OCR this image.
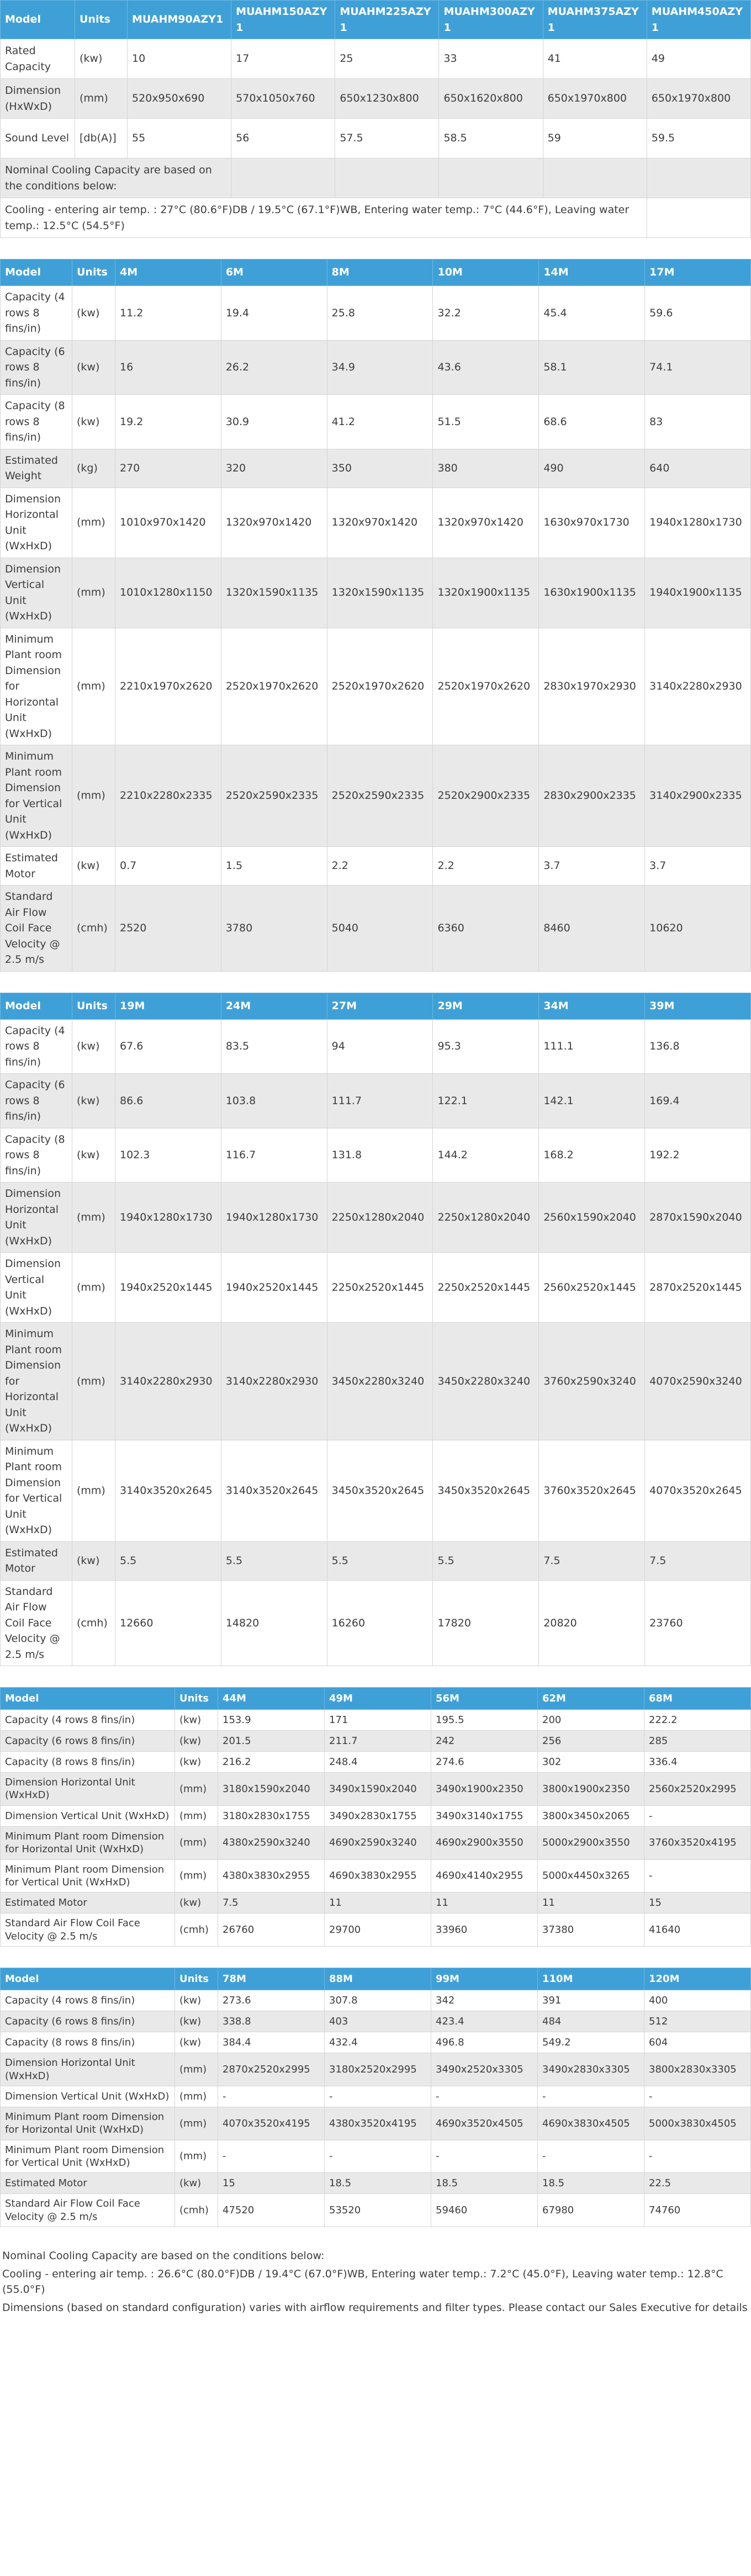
Model	Units	MUAHM90AZY1	MUAHM150AZY1	MUAHM225AZY1	MUAHM300AZY1	MUAHM375AZY1	MUAHM450AZY1
Rated Capacity	(kw)	10	17	25	33	41	49
Dimension (HxWxD)	(mm)	520x950x690	570x1050x760	650x1230x800	650x1620x800	650x1970x800	650x1970x800
Sound Level	[db(A)]	55	56	57.5	58.5	59	59.5
Nominal Cooling Capacity are based on the conditions below:							
Cooling - entering air temp. : 27°C (80.6°F)DB / 19.5°C (67.1°F)WB, Entering water temp.: 7°C (44.6°F), Leaving water temp.: 12.5°C (54.5°F)							
Model	Units	4M	6M	8M	10M	14M	17M
Capacity (4 rows 8 fins/in)	(kw)	11.2	19.4	25.8	32.2	45.4	59.6
Capacity (6 rows 8 fins/in)	(kw)	16	26.2	34.9	43.6	58.1	74.1
Capacity (8 rows 8 fins/in)	(kw)	19.2	30.9	41.2	51.5	68.6	83
Estimated Weight	(kg)	270	320	350	380	490	640
Dimension Horizontal Unit (WxHxD)	(mm)	1010x970x1420	1320x970x1420	1320x970x1420	1320x970x1420	1630x970x1730	1940x1280x1730
Dimension Vertical Unit (WxHxD)	(mm)	1010x1280x1150	1320x1590x1135	1320x1590x1135	1320x1900x1135	1630x1900x1135	1940x1900x1135
Minimum Plant room Dimension for Horizontal Unit (WxHxD)	(mm)	2210x1970x2620	2520x1970x2620	2520x1970x2620	2520x1970x2620	2830x1970x2930	3140x2280x2930
Minimum Plant room Dimension for Vertical Unit (WxHxD)	(mm)	2210x2280x2335	2520x2590x2335	2520x2590x2335	2520x2900x2335	2830x2900x2335	3140x2900x2335
Estimated Motor	(kw)	0.7	1.5	2.2	2.2	3.7	3.7
Standard Air Flow Coil Face Velocity @ 2.5 m/s	(cmh)	2520	3780	5040	6360	8460	10620
Model	Units	19M	24M	27M	29M	34M	39M
Capacity (4 rows 8 fins/in)	(kw)	67.6	83.5	94	95.3	111.1	136.8
Capacity (6 rows 8 fins/in)	(kw)	86.6	103.8	111.7	122.1	142.1	169.4
Capacity (8 rows 8 fins/in)	(kw)	102.3	116.7	131.8	144.2	168.2	192.2
Dimension Horizontal Unit (WxHxD)	(mm)	1940x1280x1730	1940x1280x1730	2250x1280x2040	2250x1280x2040	2560x1590x2040	2870x1590x2040
Dimension Vertical Unit (WxHxD)	(mm)	1940x2520x1445	1940x2520x1445	2250x2520x1445	2250x2520x1445	2560x2520x1445	2870x2520x1445
Minimum Plant room Dimension for Horizontal Unit (WxHxD)	(mm)	3140x2280x2930	3140x2280x2930	3450x2280x3240	3450x2280x3240	3760x2590x3240	4070x2590x3240
Minimum Plant room Dimension for Vertical Unit (WxHxD)	(mm)	3140x3520x2645	3140x3520x2645	3450x3520x2645	3450x3520x2645	3760x3520x2645	4070x3520x2645
Estimated Motor	(kw)	5.5	5.5	5.5	5.5	7.5	7.5
Standard Air Flow Coil Face Velocity @ 2.5 m/s	(cmh)	12660	14820	16260	17820	20820	23760
Model	Units	44M	49M	56M	62M	68M
Capacity (4 rows 8 fins/in)	(kw)	153.9	171	195.5	200	222.2
Capacity (6 rows 8 fins/in)	(kw)	201.5	211.7	242	256	285
Capacity (8 rows 8 fins/in)	(kw)	216.2	248.4	274.6	302	336.4
Dimension Horizontal Unit (WxHxD)	(mm)	3180x1590x2040	3490x1590x2040	3490x1900x2350	3800x1900x2350	2560x2520x2995
Dimension Vertical Unit (WxHxD)	(mm)	3180x2830x1755	3490x2830x1755	3490x3140x1755	3800x3450x2065	-
Minimum Plant room Dimension for Horizontal Unit (WxHxD)	(mm)	4380x2590x3240	4690x2590x3240	4690x2900x3550	5000x2900x3550	3760x3520x4195
Minimum Plant room Dimension for Vertical Unit (WxHxD)	(mm)	4380x3830x2955	4690x3830x2955	4690x4140x2955	5000x4450x3265	-
Estimated Motor	(kw)	7.5	11	11	11	15
Standard Air Flow Coil Face Velocity @ 2.5 m/s	(cmh)	26760	29700	33960	37380	41640
Model	Units	78M	88M	99M	110M	120M
Capacity (4 rows 8 fins/in)	(kw)	273.6	307.8	342	391	400
Capacity (6 rows 8 fins/in)	(kw)	338.8	403	423.4	484	512
Capacity (8 rows 8 fins/in)	(kw)	384.4	432.4	496.8	549.2	604
Dimension Horizontal Unit (WxHxD)	(mm)	2870x2520x2995	3180x2520x2995	3490x2520x3305	3490x2830x3305	3800x2830x3305
Dimension Vertical Unit (WxHxD)	(mm)	-	-	-	-	-
Minimum Plant room Dimension for Horizontal Unit (WxHxD)	(mm)	4070x3520x4195	4380x3520x4195	4690x3520x4505	4690x3830x4505	5000x3830x4505
Minimum Plant room Dimension for Vertical Unit (WxHxD)	(mm)	-	-	-	-	-
Estimated Motor	(kw)	15	18.5	18.5	18.5	22.5
Standard Air Flow Coil Face Velocity @ 2.5 m/s	(cmh)	47520	53520	59460	67980	74760

Nominal Cooling Capacity are based on the conditions below:

Cooling - entering air temp. : 26.6°C (80.0°F)DB / 19.4°C (67.0°F)WB, Entering water temp.: 7.2°C (45.0°F), Leaving water temp.: 12.8°C (55.0°F)

Dimensions (based on standard configuration) varies with airflow requirements and filter types. Please contact our Sales Executive for details
